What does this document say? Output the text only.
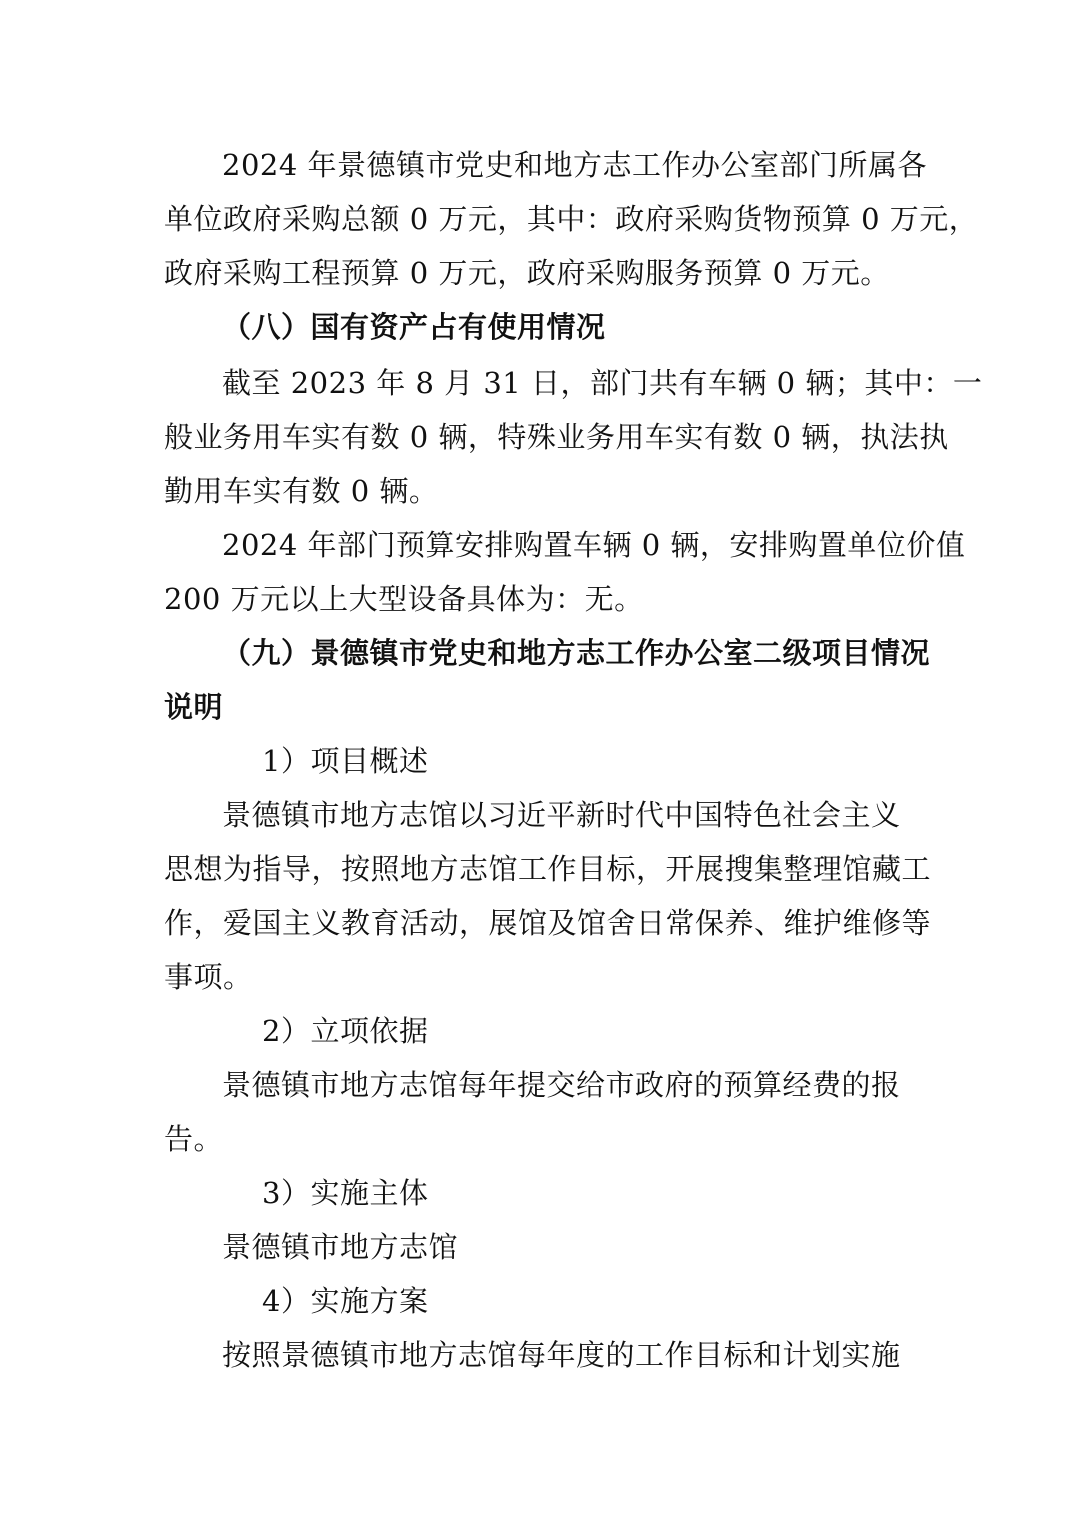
2024 年景德镇市党史和地方志工作办公室部门所属各
单位政府采购总额 0 万元，其中：政府采购货物预算 0 万元，
政府采购工程预算 0 万元，政府采购服务预算 0 万元。
（八）国有资产占有使用情况
截至 2023 年 8 月 31 日，部门共有车辆 0 辆；其中：一
般业务用车实有数 0 辆，特殊业务用车实有数 0 辆，执法执
勤用车实有数 0 辆。
2024 年部门预算安排购置车辆 0 辆，安排购置单位价值
200 万元以上大型设备具体为：无。
（九）景德镇市党史和地方志工作办公室二级项目情况
说明
1）项目概述
景德镇市地方志馆以习近平新时代中国特色社会主义
思想为指导，按照地方志馆工作目标，开展搜集整理馆藏工
作，爱国主义教育活动，展馆及馆舍日常保养、维护维修等
事项。
2）立项依据
景德镇市地方志馆每年提交给市政府的预算经费的报
告。
3）实施主体
景德镇市地方志馆
4）实施方案
按照景德镇市地方志馆每年度的工作目标和计划实施
